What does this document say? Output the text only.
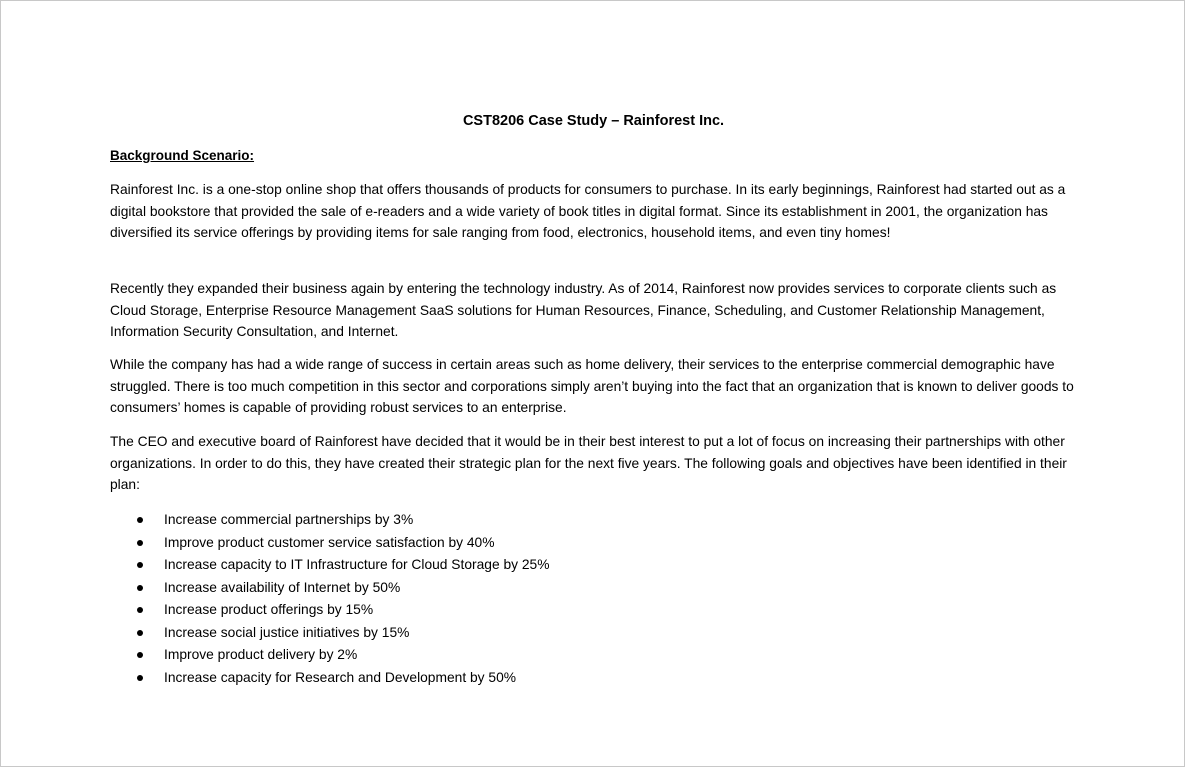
CST8206 Case Study – Rainforest Inc.
Background Scenario:

Rainforest Inc. is a one-stop online shop that offers thousands of products for consumers to purchase. In its early beginnings, Rainforest had started out as a digital bookstore that provided the sale of e-readers and a wide variety of book titles in digital format. Since its establishment in 2001, the organization has diversified its service offerings by providing items for sale ranging from food, electronics, household items, and even tiny homes!

Recently they expanded their business again by entering the technology industry. As of 2014, Rainforest now provides services to corporate clients such as Cloud Storage, Enterprise Resource Management SaaS solutions for Human Resources, Finance, Scheduling, and Customer Relationship Management, Information Security Consultation, and Internet.

While the company has had a wide range of success in certain areas such as home delivery, their services to the enterprise commercial demographic have struggled. There is too much competition in this sector and corporations simply aren’t buying into the fact that an organization that is known to deliver goods to consumers’ homes is capable of providing robust services to an enterprise.

The CEO and executive board of Rainforest have decided that it would be in their best interest to put a lot of focus on increasing their partnerships with other organizations. In order to do this, they have created their strategic plan for the next five years. The following goals and objectives have been identified in their plan:

Increase commercial partnerships by 3%
Improve product customer service satisfaction by 40%
Increase capacity to IT Infrastructure for Cloud Storage by 25%
Increase availability of Internet by 50%
Increase product offerings by 15%
Increase social justice initiatives by 15%
Improve product delivery by 2%
Increase capacity for Research and Development by 50%
